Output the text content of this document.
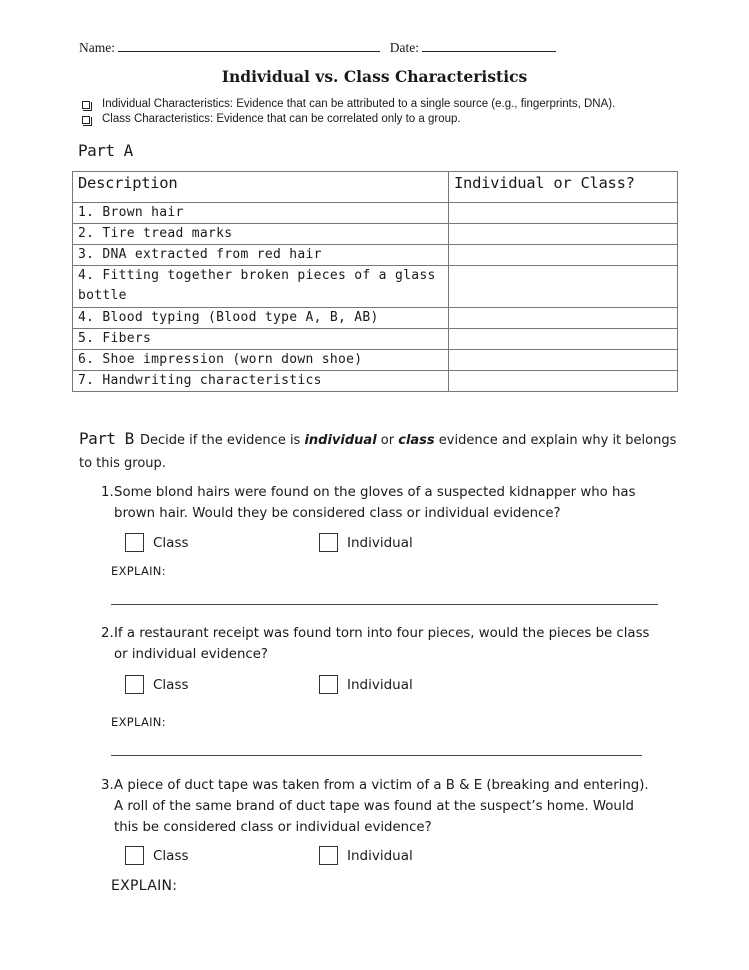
Name:	Date:
Individual vs. Class Characteristics
Individual Characteristics: Evidence that can be attributed to a single source (e.g., fingerprints, DNA).
Class Characteristics: Evidence that can be correlated only to a group.
Part A
Description	Individual or Class?
1. Brown hair	
2. Tire tread marks	
3. DNA extracted from red hair	
4. Fitting together broken pieces of a glass bottle	
4. Blood typing (Blood type A, B, AB)	
5. Fibers	
6. Shoe impression (worn down shoe)	
7. Handwriting characteristics	
Part B Decide if the evidence is individual or class evidence and explain why it belongs to this group.
1. Some blond hairs were found on the gloves of a suspected kidnapper who has brown hair. Would they be considered class or individual evidence?
Class	Individual
EXPLAIN:
2. If a restaurant receipt was found torn into four pieces, would the pieces be class or individual evidence?
Class	Individual
EXPLAIN:
3. A piece of duct tape was taken from a victim of a B & E (breaking and entering). A roll of the same brand of duct tape was found at the suspect’s home. Would this be considered class or individual evidence?
Class	Individual
EXPLAIN:
